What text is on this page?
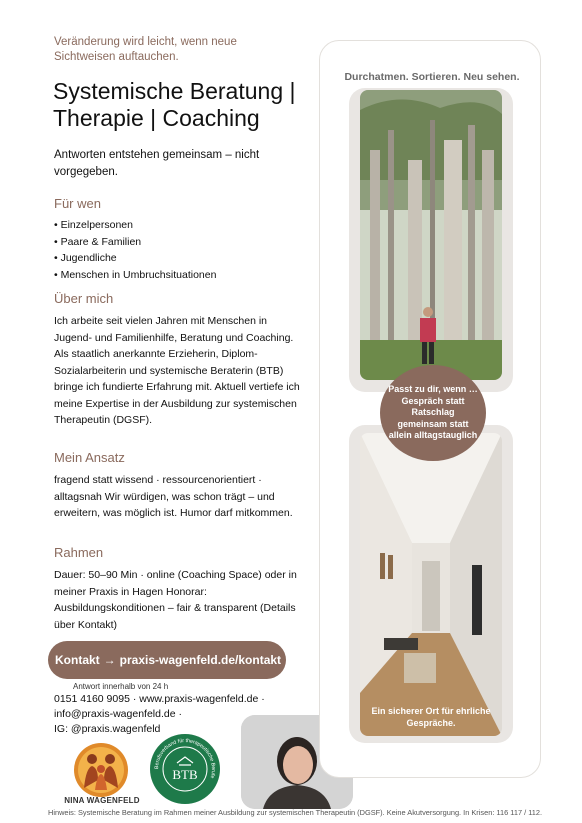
Veränderung wird leicht, wenn neue Sichtweisen auftauchen.
Systemische Beratung | Therapie | Coaching
Antworten entstehen gemeinsam – nicht vorgegeben.
Für wen
• Einzelpersonen
• Paare & Familien
• Jugendliche
• Menschen in Umbruchsituationen
Über mich
Ich arbeite seit vielen Jahren mit Menschen in Jugend- und Familienhilfe, Beratung und Coaching. Als staatlich anerkannte Erzieherin, Diplom-Sozialarbeiterin und systemische Beraterin (BTB) bringe ich fundierte Erfahrung mit. Aktuell vertiefe ich meine Expertise in der Ausbildung zur systemischen Therapeutin (DGSF).
Mein Ansatz
fragend statt wissend · ressourcenorientiert · alltagsnah Wir würdigen, was schon trägt – und erweitern, was möglich ist. Humor darf mitkommen.
Rahmen
Dauer: 50–90 Min · online (Coaching Space) oder in meiner Praxis in Hagen Honorar: Ausbildungskonditionen – fair & transparent (Details über Kontakt)
Kontakt → praxis-wagenfeld.de/kontakt
Antwort innerhalb von 24 h
0151 4160 9095 · www.praxis-wagenfeld.de ·
info@praxis-wagenfeld.de ·
IG: @praxis.wagenfeld
NINA WAGENFELD
Berufsverband für therapeutische Berufe
BTB
Durchatmen. Sortieren. Neu sehen.
Ein sicherer Ort für ehrliche Gespräche.
Passt zu dir, wenn … Gespräch statt Ratschlag gemeinsam statt allein alltagstauglich
Hinweis: Systemische Beratung im Rahmen meiner Ausbildung zur systemischen Therapeutin (DGSF). Keine Akutversorgung. In Krisen: 116 117 / 112.
